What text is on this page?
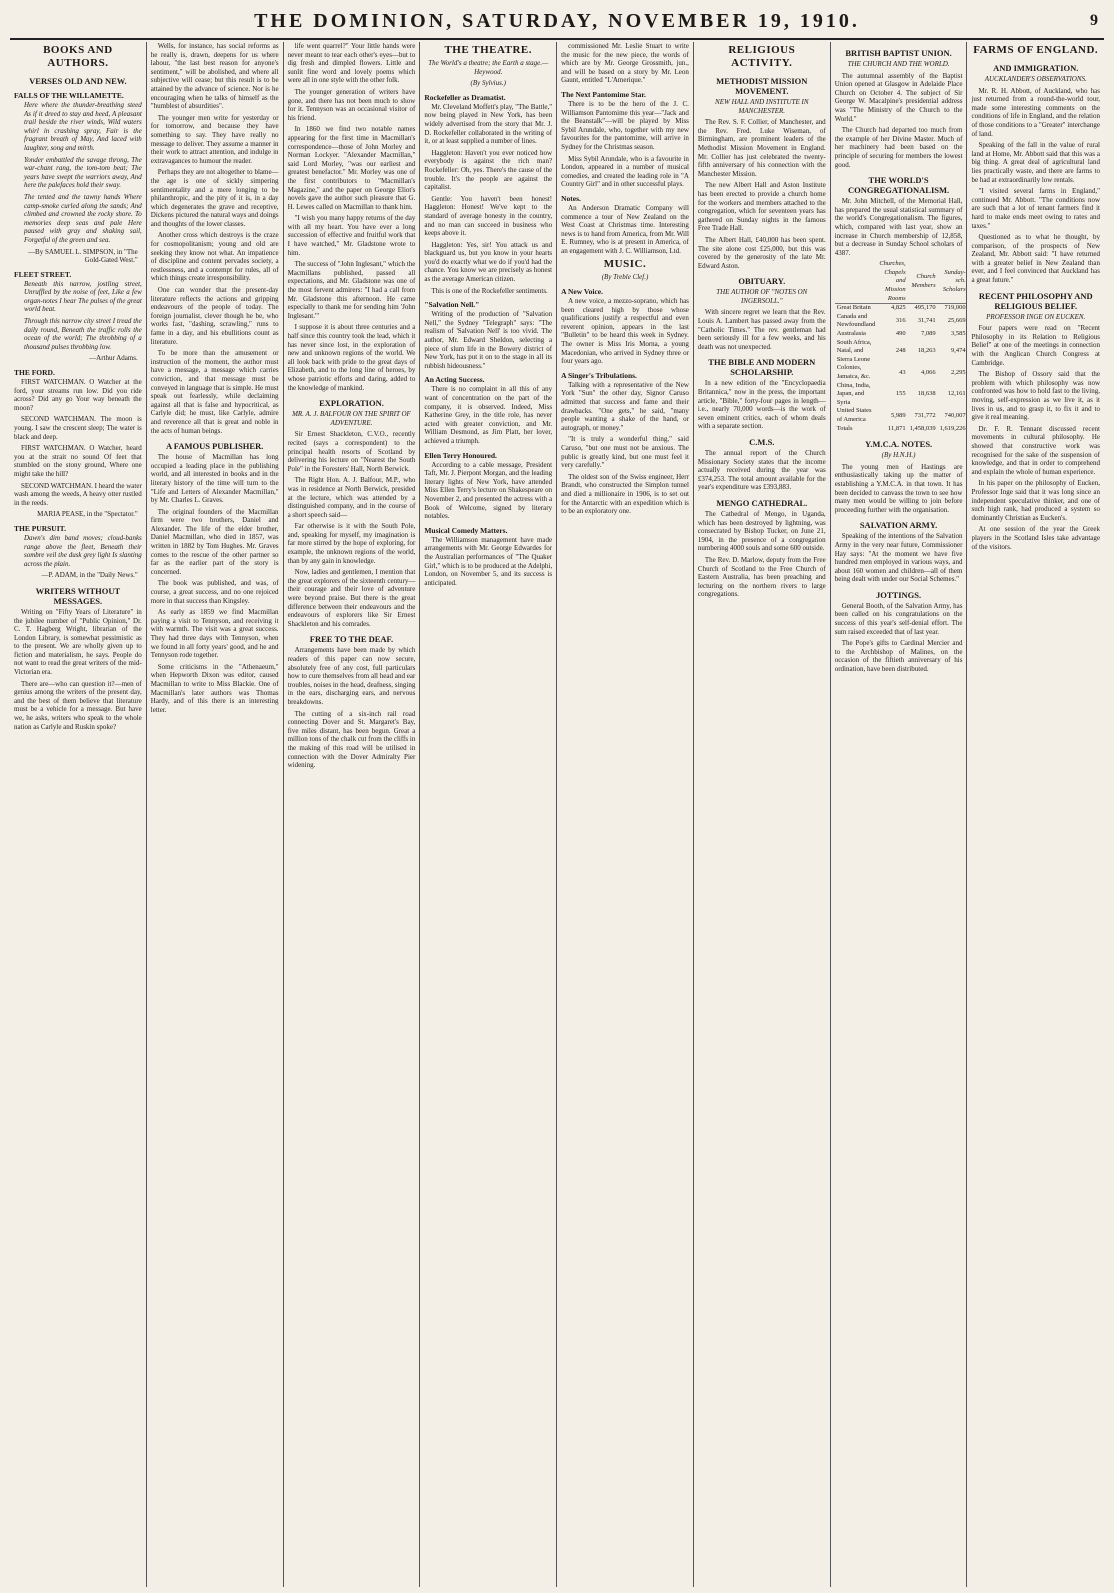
THE DOMINION, SATURDAY, NOVEMBER 19, 1910.	9
BOOKS AND AUTHORS.
VERSES OLD AND NEW.
FALLS OF THE WILLAMETTE.

Here where the thunder-breathing steed As if it dreed to stay and heed, A pleasant trail beside the river winds, Wild waters whirl in crashing spray, Fair is the fragrant breath of May, And laced with laughter, song and mirth.

Yonder embattled the savage throng, The war-chant rang, the tom-tom beat; The years have swept the warriors away, And here the palefaces hold their sway.

The tented and the tawny hands Where camp-smoke curled along the sands; And climbed and crowned the rocky shore. To memories deep seas and pale Here paused with gray and shaking sail, Forgetful of the green and sea.

—By SAMUEL L. SIMPSON, in "The Gold-Gated West."

FLEET STREET.

Beneath this narrow, jostling street, Unruffled by the noise of feet, Like a few organ-notes I hear The pulses of the great world beat.

Through this narrow city street I tread the daily round, Beneath the traffic rolls the ocean of the world; The throbbing of a thousand pulses throbbing low.

—Arthur Adams.

THE FORD.

FIRST WATCHMAN. O Watcher at the ford, your streams run low. Did you ride across? Did any go Your way beneath the moon?

SECOND WATCHMAN. The moon is young. I saw the crescent sleep; The water is black and deep.

FIRST WATCHMAN. O Watcher, heard you at the strait no sound Of feet that stumbled on the stony ground, Where one might take the hill?

SECOND WATCHMAN. I heard the water wash among the weeds, A heavy otter rustled in the reeds.

MARIA PEASE, in the "Spectator."

THE PURSUIT.

Dawn's dim band moves; cloud-banks range above the fleet, Beneath their sombre veil the dusk grey light Is slanting across the plain.

—P. ADAM, in the "Daily News."

WRITERS WITHOUT MESSAGES.

Writing on "Fifty Years of Literature" in the jubilee number of "Public Opinion," Dr. C. T. Hagberg Wright, librarian of the London Library, is somewhat pessimistic as to the present. We are wholly given up to fiction and materialism, he says. People do not want to read the great writers of the mid-Victorian era.

There are—who can question it?—men of genius among the writers of the present day, and the best of them believe that literature must be a vehicle for a message. But have we, he asks, writers who speak to the whole nation as Carlyle and Ruskin spoke?

Wells, for instance, has social reforms as he really is, drawn, deepens for us where labour, "the last best reason for anyone's sentiment," will be abolished, and where all subjective will cease; but this result is to be attained by the advance of science. Nor is he encouraging when he talks of himself as the "humblest of absurdities".

The younger men write for yesterday or for tomorrow, and because they have something to say. They have really no message to deliver. They assume a manner in their work to attract attention, and indulge in extravagances to humour the reader.

Perhaps they are not altogether to blame—the age is one of sickly simpering sentimentality and a mere longing to be philanthropic, and the pity of it is, in a day which degenerates the grave and receptive, Dickens pictured the natural ways and doings and thoughts of the lower classes.

Another cross which destroys is the craze for cosmopolitanism; young and old are seeking they know not what. An impatience of discipline and content pervades society, a restlessness, and a contempt for rules, all of which things create irresponsibility.

One can wonder that the present-day literature reflects the actions and gripping endeavours of the people of today. The foreign journalist, clever though he be, who works fast, "dashing, scrawling," runs to fame in a day, and his ebullitions count as literature.

To be more than the amusement or instruction of the moment, the author must have a message, a message which carries conviction, and that message must be conveyed in language that is simple. He must speak out fearlessly, while declaiming against all that is false and hypocritical, as Carlyle did; he must, like Carlyle, admire and reverence all that is great and noble in the acts of human beings.

A FAMOUS PUBLISHER.

The house of Macmillan has long occupied a leading place in the publishing world, and all interested in books and in the literary history of the time will turn to the "Life and Letters of Alexander Macmillan," by Mr. Charles L. Graves.

The original founders of the Macmillan firm were two brothers, Daniel and Alexander. The life of the elder brother, Daniel Macmillan, who died in 1857, was written in 1882 by Tom Hughes. Mr. Graves comes to the rescue of the other partner so far as the earlier part of the story is concerned.

The book was published, and was, of course, a great success, and no one rejoiced more in that success than Kingsley.

As early as 1859 we find Macmillan paying a visit to Tennyson, and receiving it with warmth. The visit was a great success. They had three days with Tennyson, when we found in all forty years' good, and he and Tennyson rode together.

Some criticisms in the "Athenaeum," when Hepworth Dixon was editor, caused Macmillan to write to Miss Blackie. One of Macmillan's later authors was Thomas Hardy, and of this there is an interesting letter.

life went quarrel?" Your little hands were never meant to tear each other's eyes—but to dig fresh and dimpled flowers. Little and sunlit fine word and lovely poems which were all in one style with the other folk.

The younger generation of writers have gone, and there has not been much to show for it. Tennyson was an occasional visitor of his friend.

In 1860 we find two notable names appearing for the first time in Macmillan's correspondence—those of John Morley and Norman Lockyer. "Alexander Macmillan," said Lord Morley, "was our earliest and greatest benefactor." Mr. Morley was one of the first contributors to "Macmillan's Magazine," and the paper on George Eliot's novels gave the author such pleasure that G. H. Lewes called on Macmillan to thank him.

"I wish you many happy returns of the day with all my heart. You have ever a long succession of effective and fruitful work that I have watched," Mr. Gladstone wrote to him.

The success of "John Inglesant," which the Macmillans published, passed all expectations, and Mr. Gladstone was one of the most fervent admirers: "I had a call from Mr. Gladstone this afternoon. He came especially to thank me for sending him 'John Inglesant.'"

I suppose it is about three centuries and a half since this country took the lead, which it has never since lost, in the exploration of new and unknown regions of the world. We all look back with pride to the great days of Elizabeth, and to the long line of heroes, by whose patriotic efforts and daring, added to the knowledge of mankind.

EXPLORATION.
MR. A. J. BALFOUR ON THE SPIRIT OF ADVENTURE.

Sir Ernest Shackleton, C.V.O., recently recited (says a correspondent) to the principal health resorts of Scotland by delivering his lecture on "Nearest the South Pole" in the Foresters' Hall, North Berwick.

The Right Hon. A. J. Balfour, M.P., who was in residence at North Berwick, presided at the lecture, which was attended by a distinguished company, and in the course of a short speech said—

Far otherwise is it with the South Pole, and, speaking for myself, my imagination is far more stirred by the hope of exploring, for example, the unknown regions of the world, than by any gain in knowledge.

Now, ladies and gentlemen, I mention that the great explorers of the sixteenth century—their courage and their love of adventure were beyond praise. But there is the great difference between their endeavours and the endeavours of explorers like Sir Ernest Shackleton and his comrades.

FREE TO THE DEAF.

Arrangements have been made by which readers of this paper can now secure, absolutely free of any cost, full particulars how to cure themselves from all head and ear troubles, noises in the head, deafness, singing in the ears, discharging ears, and nervous breakdowns.

The cutting of a six-inch rail road connecting Dover and St. Margaret's Bay, five miles distant, has been begun. Great a million tons of the chalk cut from the cliffs in the making of this road will be utilised in connection with the Dover Admiralty Pier widening.

THE THEATRE.
The World's a theatre; the Earth a stage.—Heywood.
(By Sylvius.)
Rockefeller as Dramatist.

Mr. Cleveland Moffett's play, "The Battle," now being played in New York, has been widely advertised from the story that Mr. J. D. Rockefeller collaborated in the writing of it, or at least supplied a number of lines.

Haggleton: Haven't you ever noticed how everybody is against the rich man? Rockefeller: Oh, yes. There's the cause of the trouble. It's the people are against the capitalist.

Gentle: You haven't been honest! Haggleton: Honest! We've kept to the standard of average honesty in the country, and no man can succeed in business who keeps above it.

Haggleton: Yes, sir! You attack us and blackguard us, but you know in your hearts you'd do exactly what we do if you'd had the chance. You know we are precisely as honest as the average American citizen.

This is one of the Rockefeller sentiments.

"Salvation Nell."

Writing of the production of "Salvation Nell," the Sydney "Telegraph" says: "The realism of 'Salvation Nell' is too vivid. The author, Mr. Edward Sheldon, selecting a piece of slum life in the Bowery district of New York, has put it on to the stage in all its rubbish hideousness."

An Acting Success.

There is no complaint in all this of any want of concentration on the part of the company, it is observed. Indeed, Miss Katherine Grey, in the title role, has never acted with greater conviction, and Mr. William Desmond, as Jim Platt, her lover, achieved a triumph.

Ellen Terry Honoured.

According to a cable message, President Taft, Mr. J. Pierpont Morgan, and the leading literary lights of New York, have attended Miss Ellen Terry's lecture on Shakespeare on November 2, and presented the actress with a Book of Welcome, signed by literary notables.

Musical Comedy Matters.

The Williamson management have made arrangements with Mr. George Edwardes for the Australian performances of "The Quaker Girl," which is to be produced at the Adelphi, London, on November 5, and its success is anticipated.

commissioned Mr. Leslie Stuart to write the music for the new piece, the words of which are by Mr. George Grossmith, jun., and will be based on a story by Mr. Leon Gaunt, entitled "L'Amerique."

The Next Pantomime Star.

There is to be the hero of the J. C. Williamson Pantomime this year—"Jack and the Beanstalk"—will be played by Miss Sybil Arundale, who, together with my new favourites for the pantomime, will arrive in Sydney for the Christmas season.

Miss Sybil Arundale, who is a favourite in London, appeared in a number of musical comedies, and created the leading role in "A Country Girl" and in other successful plays.

Notes.

An Anderson Dramatic Company will commence a tour of New Zealand on the West Coast at Christmas time. Interesting news is to hand from America, from Mr. Will E. Rumney, who is at present in America, of an engagement with J. C. Williamson, Ltd.

MUSIC.
(By Treble Clef.)
A New Voice.

A new voice, a mezzo-soprano, which has been cleared high by those whose qualifications justify a respectful and even reverent opinion, appears in the last "Bulletin" to be heard this week in Sydney. The owner is Miss Iris Morna, a young Macedonian, who arrived in Sydney three or four years ago.

A Singer's Tribulations.

Talking with a representative of the New York "Sun" the other day, Signor Caruso admitted that success and fame and their drawbacks. "One gets," he said, "many people wanting a shake of the hand, or autograph, or money."

"It is truly a wonderful thing," said Caruso, "but one must not be anxious. The public is greatly kind, but one must feel it very carefully."

The oldest son of the Swiss engineer, Herr Brandt, who constructed the Simplon tunnel and died a millionaire in 1906, is to set out for the Antarctic with an expedition which is to be an exploratory one.

RELIGIOUS ACTIVITY.
METHODIST MISSION MOVEMENT.
NEW HALL AND INSTITUTE IN MANCHESTER.

The Rev. S. F. Collier, of Manchester, and the Rev. Fred. Luke Wiseman, of Birmingham, are prominent leaders of the Methodist Mission Movement in England. Mr. Collier has just celebrated the twenty-fifth anniversary of his connection with the Manchester Mission.

The new Albert Hall and Aston Institute has been erected to provide a church home for the workers and members attached to the congregation, which for seventeen years has gathered on Sunday nights in the famous Free Trade Hall.

The Albert Hall, £40,000 has been spent. The site alone cost £25,000, but this was covered by the generosity of the late Mr. Edward Aston.

OBITUARY.
THE AUTHOR OF "NOTES ON INGERSOLL."

With sincere regret we learn that the Rev. Louis A. Lambert has passed away from the "Catholic Times." The rev. gentleman had been seriously ill for a few weeks, and his death was not unexpected.

THE BIBLE AND MODERN SCHOLARSHIP.

In a new edition of the "Encyclopaedia Britannica," now in the press, the important article, "Bible," forty-four pages in length—i.e., nearly 70,000 words—is the work of seven eminent critics, each of whom deals with a separate section.

C.M.S.

The annual report of the Church Missionary Society states that the income actually received during the year was £374,253. The total amount available for the year's expenditure was £393,883.

MENGO CATHEDRAL.

The Cathedral of Mengo, in Uganda, which has been destroyed by lightning, was consecrated by Bishop Tucker, on June 21, 1904, in the presence of a congregation numbering 4000 souls and some 600 outside.

The Rev. D. Marlow, deputy from the Free Church of Scotland to the Free Church of Eastern Australia, has been preaching and lecturing on the northern rivers to large congregations.

BRITISH BAPTIST UNION.
THE CHURCH AND THE WORLD.

The autumnal assembly of the Baptist Union opened at Glasgow in Adelaide Place Church on October 4. The subject of Sir George W. Macalpine's presidential address was "The Ministry of the Church to the World."

The Church had departed too much from the example of her Divine Master. Much of her machinery had been based on the principle of securing for members the lowest good.

THE WORLD'S CONGREGATIONALISM.

Mr. John Mitchell, of the Memorial Hall, has prepared the usual statistical summary of the world's Congregationalism. The figures, which, compared with last year, show an increase in Church membership of 12,858, but a decrease in Sunday School scholars of 4387.

	Churches, Chapels and Mission Rooms	Church Members	Sunday-sch. Scholars
Great Britain	4,825	495,170	719,000
Canada and Newfoundland	316	31,741	25,669
Australasia	490	7,089	3,585
South Africa, Natal, and Sierra Leone	248	18,263	9,474
Colonies, Jamaica, &c.	43	4,066	2,295
China, India, Japan, and Syria	155	18,638	12,161
United States of America	5,989	731,772	740,007
Totals	11,871	1,458,039	1,619,226
Y.M.C.A. NOTES.
(By H.N.H.)

The young men of Hastings are enthusiastically taking up the matter of establishing a Y.M.C.A. in that town. It has been decided to canvass the town to see how many men would be willing to join before proceeding further with the organisation.

SALVATION ARMY.

Speaking of the intentions of the Salvation Army in the very near future, Commissioner Hay says: "At the moment we have five hundred men employed in various ways, and about 160 women and children—all of them being dealt with under our Social Schemes."

JOTTINGS.

General Booth, of the Salvation Army, has been called on his congratulations on the success of this year's self-denial effort. The sum raised exceeded that of last year.

The Pope's gifts to Cardinal Mercier and to the Archbishop of Malines, on the occasion of the fiftieth anniversary of his ordination, have been distributed.

FARMS OF ENGLAND.
AND IMMIGRATION.
AUCKLANDER'S OBSERVATIONS.

Mr. R. H. Abbott, of Auckland, who has just returned from a round-the-world tour, made some interesting comments on the conditions of life in England, and the relation of those conditions to a "Greater" interchange of land.

Speaking of the fall in the value of rural land at Home, Mr. Abbott said that this was a big thing. A great deal of agricultural land lies practically waste, and there are farms to be had at extraordinarily low rentals.

"I visited several farms in England," continued Mr. Abbott. "The conditions now are such that a lot of tenant farmers find it hard to make ends meet owing to rates and taxes."

Questioned as to what he thought, by comparison, of the prospects of New Zealand, Mr. Abbott said: "I have returned with a greater belief in New Zealand than ever, and I feel convinced that Auckland has a great future."

RECENT PHILOSOPHY AND RELIGIOUS BELIEF.
PROFESSOR INGE ON EUCKEN.

Four papers were read on "Recent Philosophy in its Relation to Religious Belief" at one of the meetings in connection with the Anglican Church Congress at Cambridge.

The Bishop of Ossory said that the problem with which philosophy was now confronted was how to hold fast to the living, moving, self-expression as we live it, as it lives in us, and to grasp it, to fix it and to give it real meaning.

Dr. F. R. Tennant discussed recent movements in cultural philosophy. He showed that constructive work was recognised for the sake of the suspension of knowledge, and that in order to comprehend and explain the whole of human experience.

In his paper on the philosophy of Eucken, Professor Inge said that it was long since an independent speculative thinker, and one of such high rank, had produced a system so dominantly Christian as Eucken's.

At one session of the year the Greek players in the Scotland Isles take advantage of the visitors.
